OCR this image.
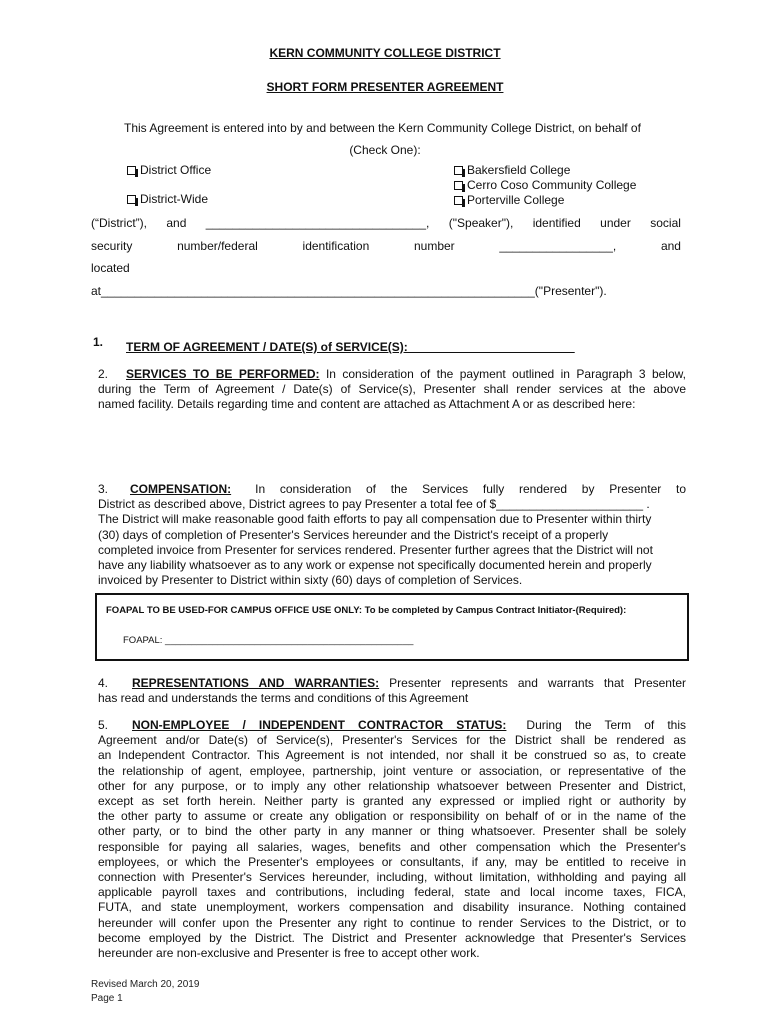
KERN COMMUNITY COLLEGE DISTRICT
SHORT FORM PRESENTER AGREEMENT
This Agreement is entered into by and between the Kern Community College District, on behalf of
(Check One):
District Office
District-Wide
Bakersfield College
Cerro Coso Community College
Porterville College
(“District”), and _________________________________, ("Speaker"), identified under social
security	number/federal	identification	number	_________________,	and
located
at_________________________________________________________________("Presenter").
1. TERM OF AGREEMENT / DATE(S) of SERVICE(S):_________________________
2. SERVICES TO BE PERFORMED: In consideration of the payment outlined in Paragraph 3 below,
during the Term of Agreement / Date(s) of Service(s), Presenter shall render services at the above
named facility. Details regarding time and content are attached as Attachment A or as described here:
3. COMPENSATION: In consideration of the Services fully rendered by Presenter to
District as described above, District agrees to pay Presenter a total fee of $______________________ .
The District will make reasonable good faith efforts to pay all compensation due to Presenter within thirty
(30) days of completion of Presenter's Services hereunder and the District's receipt of a properly
completed invoice from Presenter for services rendered. Presenter further agrees that the District will not
have any liability whatsoever as to any work or expense not specifically documented herein and properly
invoiced by Presenter to District within sixty (60) days of completion of Services.
FOAPAL TO BE USED-FOR CAMPUS OFFICE USE ONLY: To be completed by Campus Contract Initiator-(Required):
FOAPAL: _______________________________________________
4. REPRESENTATIONS AND WARRANTIES: Presenter represents and warrants that Presenter
has read and understands the terms and conditions of this Agreement
5. NON-EMPLOYEE / INDEPENDENT CONTRACTOR STATUS: During the Term of this
Agreement and/or Date(s) of Service(s), Presenter's Services for the District shall be rendered as
an Independent Contractor. This Agreement is not intended, nor shall it be construed so as, to create
the relationship of agent, employee, partnership, joint venture or association, or representative of the
other for any purpose, or to imply any other relationship whatsoever between Presenter and District,
except as set forth herein. Neither party is granted any expressed or implied right or authority by
the other party to assume or create any obligation or responsibility on behalf of or in the name of the
other party, or to bind the other party in any manner or thing whatsoever. Presenter shall be solely
responsible for paying all salaries, wages, benefits and other compensation which the Presenter's
employees, or which the Presenter's employees or consultants, if any, may be entitled to receive in
connection with Presenter's Services hereunder, including, without limitation, withholding and paying all
applicable payroll taxes and contributions, including federal, state and local income taxes, FICA,
FUTA, and state unemployment, workers compensation and disability insurance. Nothing contained
hereunder will confer upon the Presenter any right to continue to render Services to the District, or to
become employed by the District. The District and Presenter acknowledge that Presenter's Services
hereunder are non-exclusive and Presenter is free to accept other work.
Revised March 20, 2019
Page 1
